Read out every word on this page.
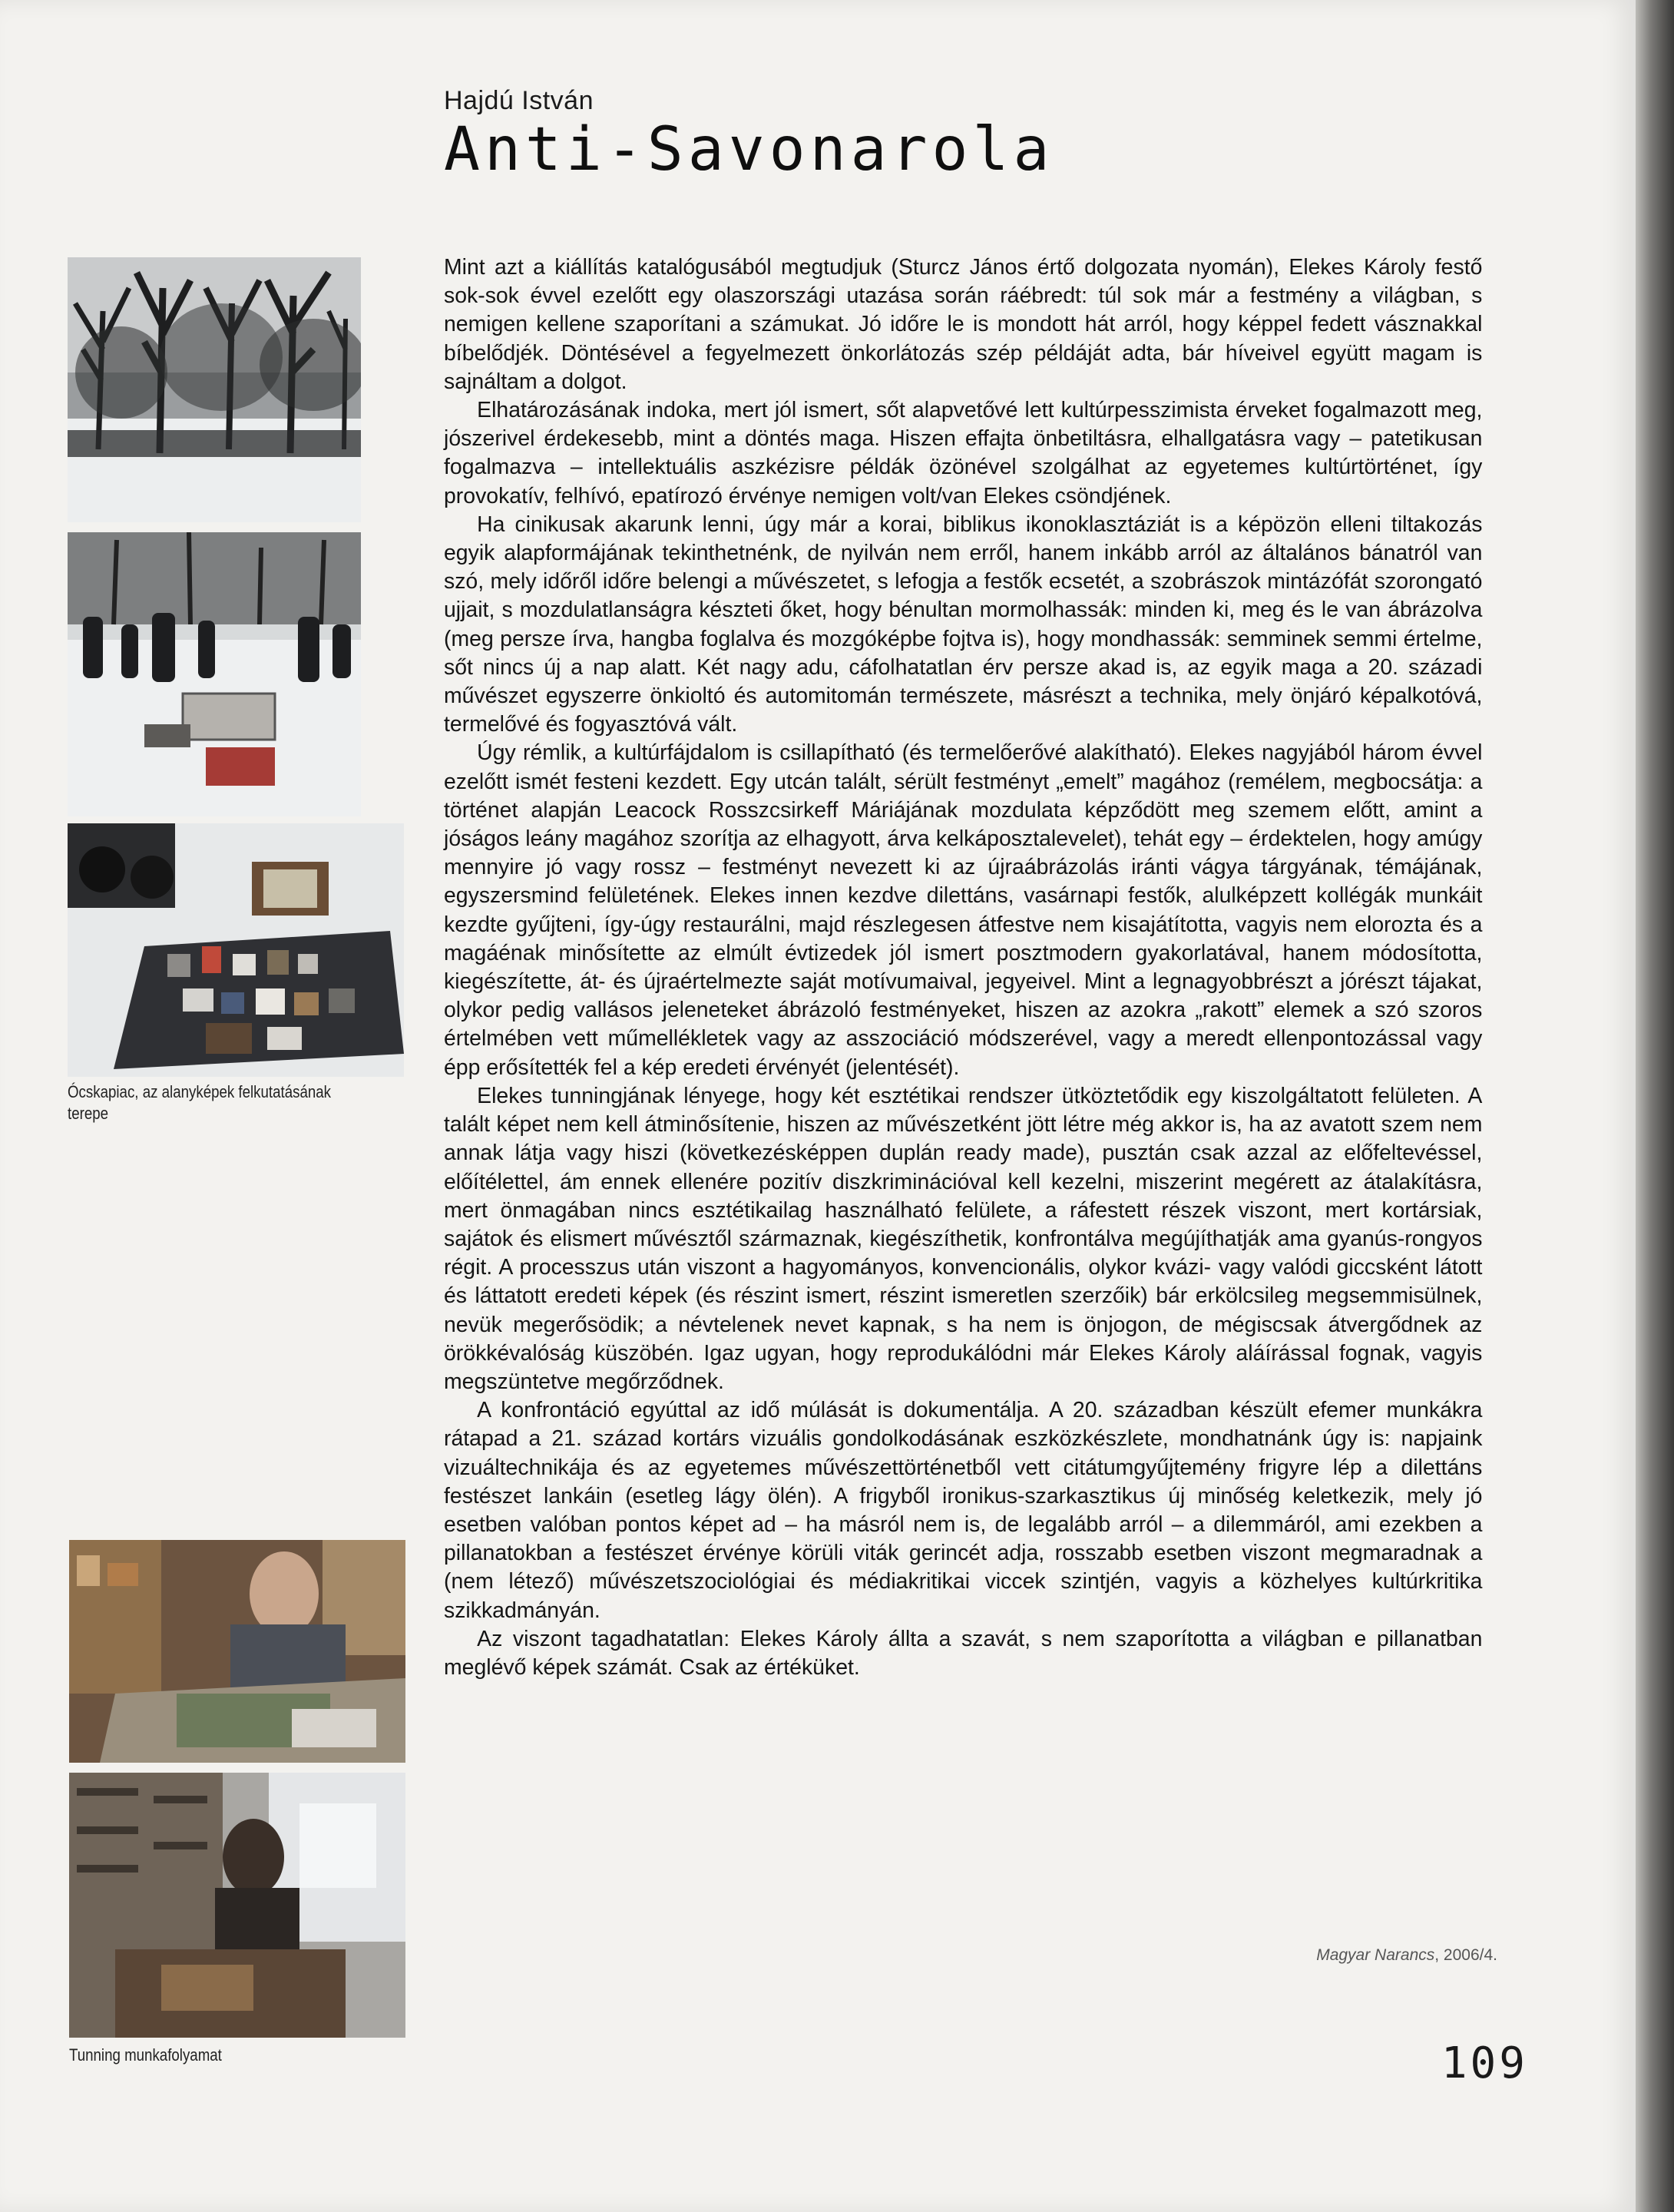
Hajdú István
Anti-Savonarola
Ócskapiac, az alanyképek felkutatásának terepe
Tunning munkafolyamat

Mint azt a kiállítás katalógusából megtudjuk (Sturcz János értő dolgozata nyomán), Elekes Károly festő sok-sok évvel ezelőtt egy olaszországi utazása során ráébredt: túl sok már a festmény a világban, s nemigen kellene szaporítani a számukat. Jó időre le is mondott hát arról, hogy képpel fedett vásznakkal bíbelődjék. Döntésével a fegyelmezett önkorlátozás szép példáját adta, bár híveivel együtt magam is sajnáltam a dolgot.

Elhatározásának indoka, mert jól ismert, sőt alapvetővé lett kultúrpesszimista érveket fogalmazott meg, jószerivel érdekesebb, mint a döntés maga. Hiszen effajta önbetiltásra, elhallgatásra vagy – patetikusan fogalmazva – intellektuális aszkézisre példák özönével szolgálhat az egyetemes kultúrtörténet, így provokatív, felhívó, epatírozó érvénye nemigen volt/van Elekes csöndjének.

Ha cinikusak akarunk lenni, úgy már a korai, biblikus ikonoklasztáziát is a képözön elleni tiltakozás egyik alapformájának tekinthetnénk, de nyilván nem erről, hanem inkább arról az általános bánatról van szó, mely időről időre belengi a művészetet, s lefogja a festők ecsetét, a szobrászok mintázófát szorongató ujjait, s mozdulatlanságra készteti őket, hogy bénultan mormolhassák: minden ki, meg és le van ábrázolva (meg persze írva, hangba foglalva és mozgóképbe fojtva is), hogy mondhassák: semminek semmi értelme, sőt nincs új a nap alatt. Két nagy adu, cáfolhatatlan érv persze akad is, az egyik maga a 20. századi művészet egyszerre önkioltó és automitomán természete, másrészt a technika, mely önjáró képalkotóvá, termelővé és fogyasztóvá vált.

Úgy rémlik, a kultúrfájdalom is csillapítható (és termelőerővé alakítható). Elekes nagyjából három évvel ezelőtt ismét festeni kezdett. Egy utcán talált, sérült festményt „emelt” magához (remélem, megbocsátja: a történet alapján Leacock Rosszcsirkeff Máriájának mozdulata képződött meg szemem előtt, amint a jóságos leány magához szorítja az elhagyott, árva kelkáposztalevelet), tehát egy – érdektelen, hogy amúgy mennyire jó vagy rossz – festményt nevezett ki az újraábrázolás iránti vágya tárgyának, témájának, egyszersmind felületének. Elekes innen kezdve dilettáns, vasárnapi festők, alulképzett kollégák munkáit kezdte gyűjteni, így-úgy restaurálni, majd részlegesen átfestve nem kisajátította, vagyis nem elorozta és a magáénak minősítette az elmúlt évtizedek jól ismert posztmodern gyakorlatával, hanem módosította, kiegészítette, át- és újraértelmezte saját motívumaival, jegyeivel. Mint a legnagyobbrészt a jórészt tájakat, olykor pedig vallásos jeleneteket ábrázoló festményeket, hiszen az azokra „rakott” elemek a szó szoros értelmében vett műmellékletek vagy az asszociáció módszerével, vagy a meredt ellenpontozással vagy épp erősítették fel a kép eredeti érvényét (jelentését).

Elekes tunningjának lényege, hogy két esztétikai rendszer ütköztetődik egy kiszolgáltatott felületen. A talált képet nem kell átminősítenie, hiszen az művészetként jött létre még akkor is, ha az avatott szem nem annak látja vagy hiszi (következésképpen duplán ready made), pusztán csak azzal az előfeltevéssel, előítélettel, ám ennek ellenére pozitív diszkriminációval kell kezelni, miszerint megérett az átalakításra, mert önmagában nincs esztétikailag használható felülete, a ráfestett részek viszont, mert kortársiak, sajátok és elismert művésztől származnak, kiegészíthetik, konfrontálva megújíthatják ama gyanús-rongyos régit. A processzus után viszont a hagyományos, konvencionális, olykor kvázi- vagy valódi giccsként látott és láttatott eredeti képek (és részint ismert, részint ismeretlen szerzőik) bár erkölcsileg megsemmisülnek, nevük megerősödik; a névtelenek nevet kapnak, s ha nem is önjogon, de mégiscsak átvergődnek az örökkévalóság küszöbén. Igaz ugyan, hogy reprodukálódni már Elekes Károly aláírással fognak, vagyis megszüntetve megőrződnek.

A konfrontáció egyúttal az idő múlását is dokumentálja. A 20. században készült efemer munkákra rátapad a 21. század kortárs vizuális gondolkodásának eszközkészlete, mondhatnánk úgy is: napjaink vizuáltechnikája és az egyetemes művészettörténetből vett citátumgyűjtemény frigyre lép a dilettáns festészet lankáin (esetleg lágy ölén). A frigyből ironikus-szarkasztikus új minőség keletkezik, mely jó esetben valóban pontos képet ad – ha másról nem is, de legalább arról – a dilemmáról, ami ezekben a pillanatokban a festészet érvénye körüli viták gerincét adja, rosszabb esetben viszont megmaradnak a (nem létező) művészetszociológiai és médiakritikai viccek szintjén, vagyis a közhelyes kultúrkritika szikkadmányán.

Az viszont tagadhatatlan: Elekes Károly állta a szavát, s nem szaporította a világban e pillanatban meglévő képek számát. Csak az értéküket.

Magyar Narancs, 2006/4.
109
